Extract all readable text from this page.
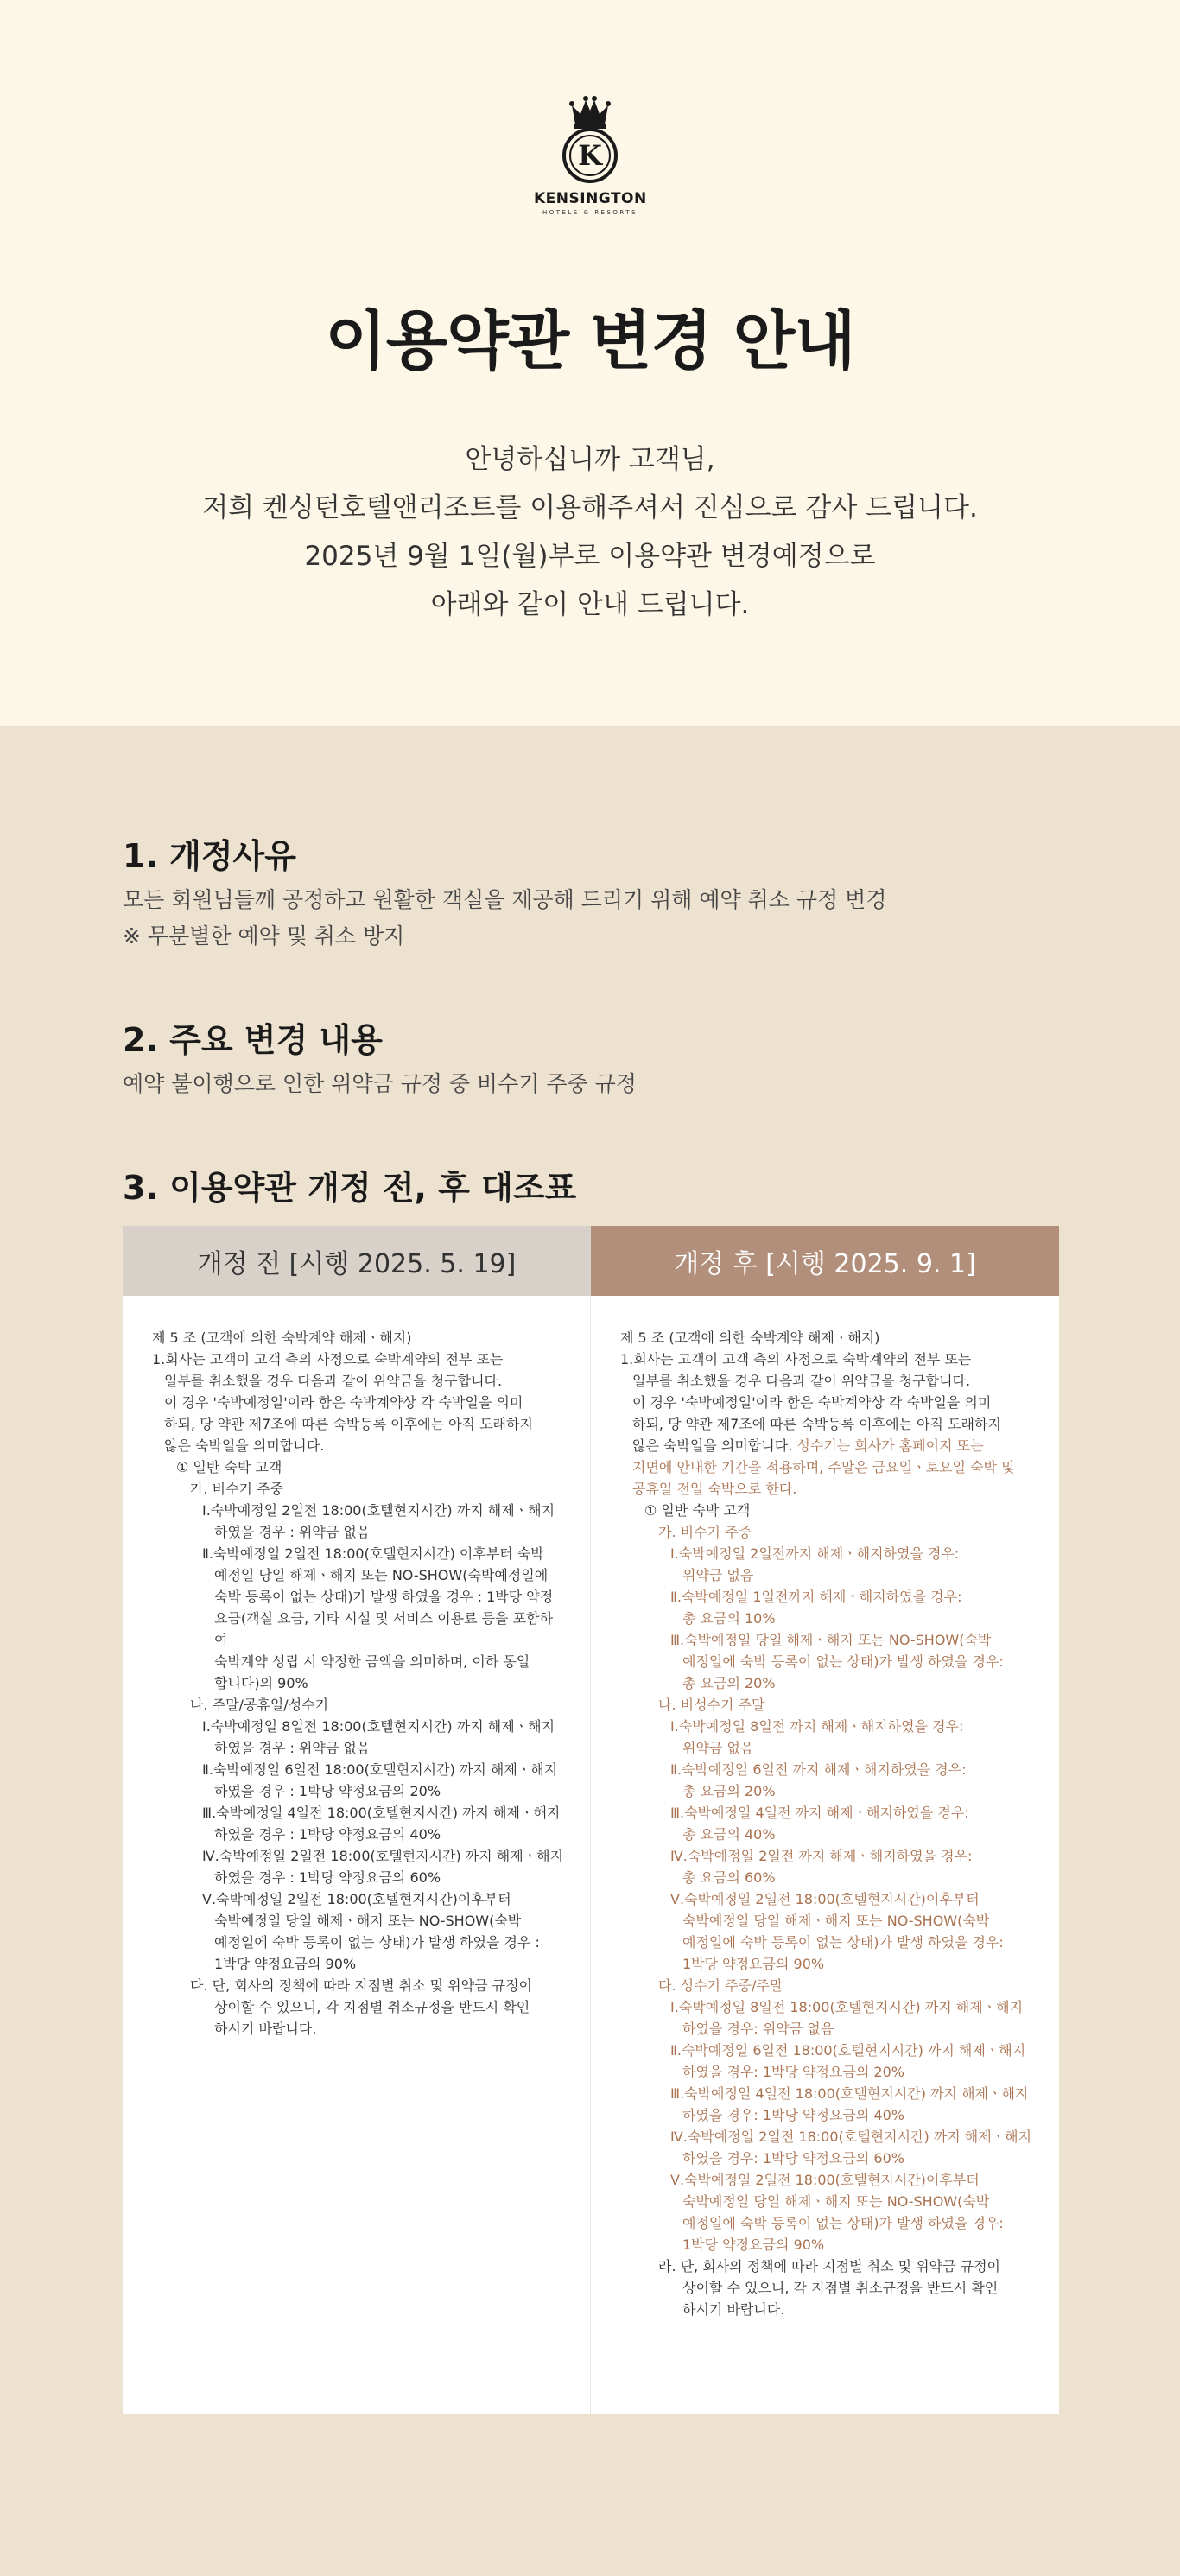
K
KENSINGTON
HOTELS & RESORTS
이용약관 변경 안내

안녕하십니까 고객님,

저희 켄싱턴호텔앤리조트를 이용해주셔서 진심으로 감사 드립니다.

2025년 9월 1일(월)부로 이용약관 변경예정으로

아래와 같이 안내 드립니다.

1. 개정사유

모든 회원님들께 공정하고 원활한 객실을 제공해 드리기 위해 예약 취소 규정 변경

※ 무분별한 예약 및 취소 방지

2. 주요 변경 내용

예약 불이행으로 인한 위약금 규정 중 비수기 주중 규정

3. 이용약관 개정 전, 후 대조표
개정 전 [시행 2025. 5. 19]
제 5 조 (고객에 의한 숙박계약 해제ㆍ해지)
1.회사는 고객이 고객 측의 사정으로 숙박계약의 전부 또는
일부를 취소했을 경우 다음과 같이 위약금을 청구합니다.
이 경우 '숙박예정일'이라 함은 숙박계약상 각 숙박일을 의미
하되, 당 약관 제7조에 따른 숙박등록 이후에는 아직 도래하지
않은 숙박일을 의미합니다.
① 일반 숙박 고객
가. 비수기 주중
Ⅰ.숙박예정일 2일전 18:00(호텔현지시간) 까지 해제ㆍ해지
하였을 경우 : 위약금 없음
Ⅱ.숙박예정일 2일전 18:00(호텔현지시간) 이후부터 숙박
예정일 당일 해제ㆍ해지 또는 NO-SHOW(숙박예정일에
숙박 등록이 없는 상태)가 발생 하였을 경우 : 1박당 약정
요금(객실 요금, 기타 시설 및 서비스 이용료 등을 포함하여
숙박계약 성립 시 약정한 금액을 의미하며, 이하 동일
합니다)의 90%
나. 주말/공휴일/성수기
Ⅰ.숙박예정일 8일전 18:00(호텔현지시간) 까지 해제ㆍ해지
하였을 경우 : 위약금 없음
Ⅱ.숙박예정일 6일전 18:00(호텔현지시간) 까지 해제ㆍ해지
하였을 경우 : 1박당 약정요금의 20%
Ⅲ.숙박예정일 4일전 18:00(호텔현지시간) 까지 해제ㆍ해지
하였을 경우 : 1박당 약정요금의 40%
Ⅳ.숙박예정일 2일전 18:00(호텔현지시간) 까지 해제ㆍ해지
하였을 경우 : 1박당 약정요금의 60%
Ⅴ.숙박예정일 2일전 18:00(호텔현지시간)이후부터
숙박예정일 당일 해제ㆍ해지 또는 NO-SHOW(숙박
예정일에 숙박 등록이 없는 상태)가 발생 하였을 경우 :
1박당 약정요금의 90%
다. 단, 회사의 정책에 따라 지점별 취소 및 위약금 규정이
상이할 수 있으니, 각 지점별 취소규정을 반드시 확인
하시기 바랍니다.
개정 후 [시행 2025. 9. 1]
제 5 조 (고객에 의한 숙박계약 해제ㆍ해지)
1.회사는 고객이 고객 측의 사정으로 숙박계약의 전부 또는
일부를 취소했을 경우 다음과 같이 위약금을 청구합니다.
이 경우 '숙박예정일'이라 함은 숙박계약상 각 숙박일을 의미
하되, 당 약관 제7조에 따른 숙박등록 이후에는 아직 도래하지
않은 숙박일을 의미합니다. 성수기는 회사가 홈페이지 또는
지면에 안내한 기간을 적용하며, 주말은 금요일ㆍ토요일 숙박 및
공휴일 전일 숙박으로 한다.
① 일반 숙박 고객
가. 비수기 주중
Ⅰ.숙박예정일 2일전까지 해제ㆍ해지하였을 경우:
위약금 없음
Ⅱ.숙박예정일 1일전까지 해제ㆍ해지하였을 경우:
총 요금의 10%
Ⅲ.숙박예정일 당일 해제ㆍ해지 또는 NO-SHOW(숙박
예정일에 숙박 등록이 없는 상태)가 발생 하였을 경우:
총 요금의 20%
나. 비성수기 주말
Ⅰ.숙박예정일 8일전 까지 해제ㆍ해지하였을 경우:
위약금 없음
Ⅱ.숙박예정일 6일전 까지 해제ㆍ해지하였을 경우:
총 요금의 20%
Ⅲ.숙박예정일 4일전 까지 해제ㆍ해지하였을 경우:
총 요금의 40%
Ⅳ.숙박예정일 2일전 까지 해제ㆍ해지하였을 경우:
총 요금의 60%
Ⅴ.숙박예정일 2일전 18:00(호텔현지시간)이후부터
숙박예정일 당일 해제ㆍ해지 또는 NO-SHOW(숙박
예정일에 숙박 등록이 없는 상태)가 발생 하였을 경우:
1박당 약정요금의 90%
다. 성수기 주중/주말
Ⅰ.숙박예정일 8일전 18:00(호텔현지시간) 까지 해제ㆍ해지
하였을 경우: 위약금 없음
Ⅱ.숙박예정일 6일전 18:00(호텔현지시간) 까지 해제ㆍ해지
하였을 경우: 1박당 약정요금의 20%
Ⅲ.숙박예정일 4일전 18:00(호텔현지시간) 까지 해제ㆍ해지
하였을 경우: 1박당 약정요금의 40%
Ⅳ.숙박예정일 2일전 18:00(호텔현지시간) 까지 해제ㆍ해지
하였을 경우: 1박당 약정요금의 60%
Ⅴ.숙박예정일 2일전 18:00(호텔현지시간)이후부터
숙박예정일 당일 해제ㆍ해지 또는 NO-SHOW(숙박
예정일에 숙박 등록이 없는 상태)가 발생 하였을 경우:
1박당 약정요금의 90%
라. 단, 회사의 정책에 따라 지점별 취소 및 위약금 규정이
상이할 수 있으니, 각 지점별 취소규정을 반드시 확인
하시기 바랍니다.
